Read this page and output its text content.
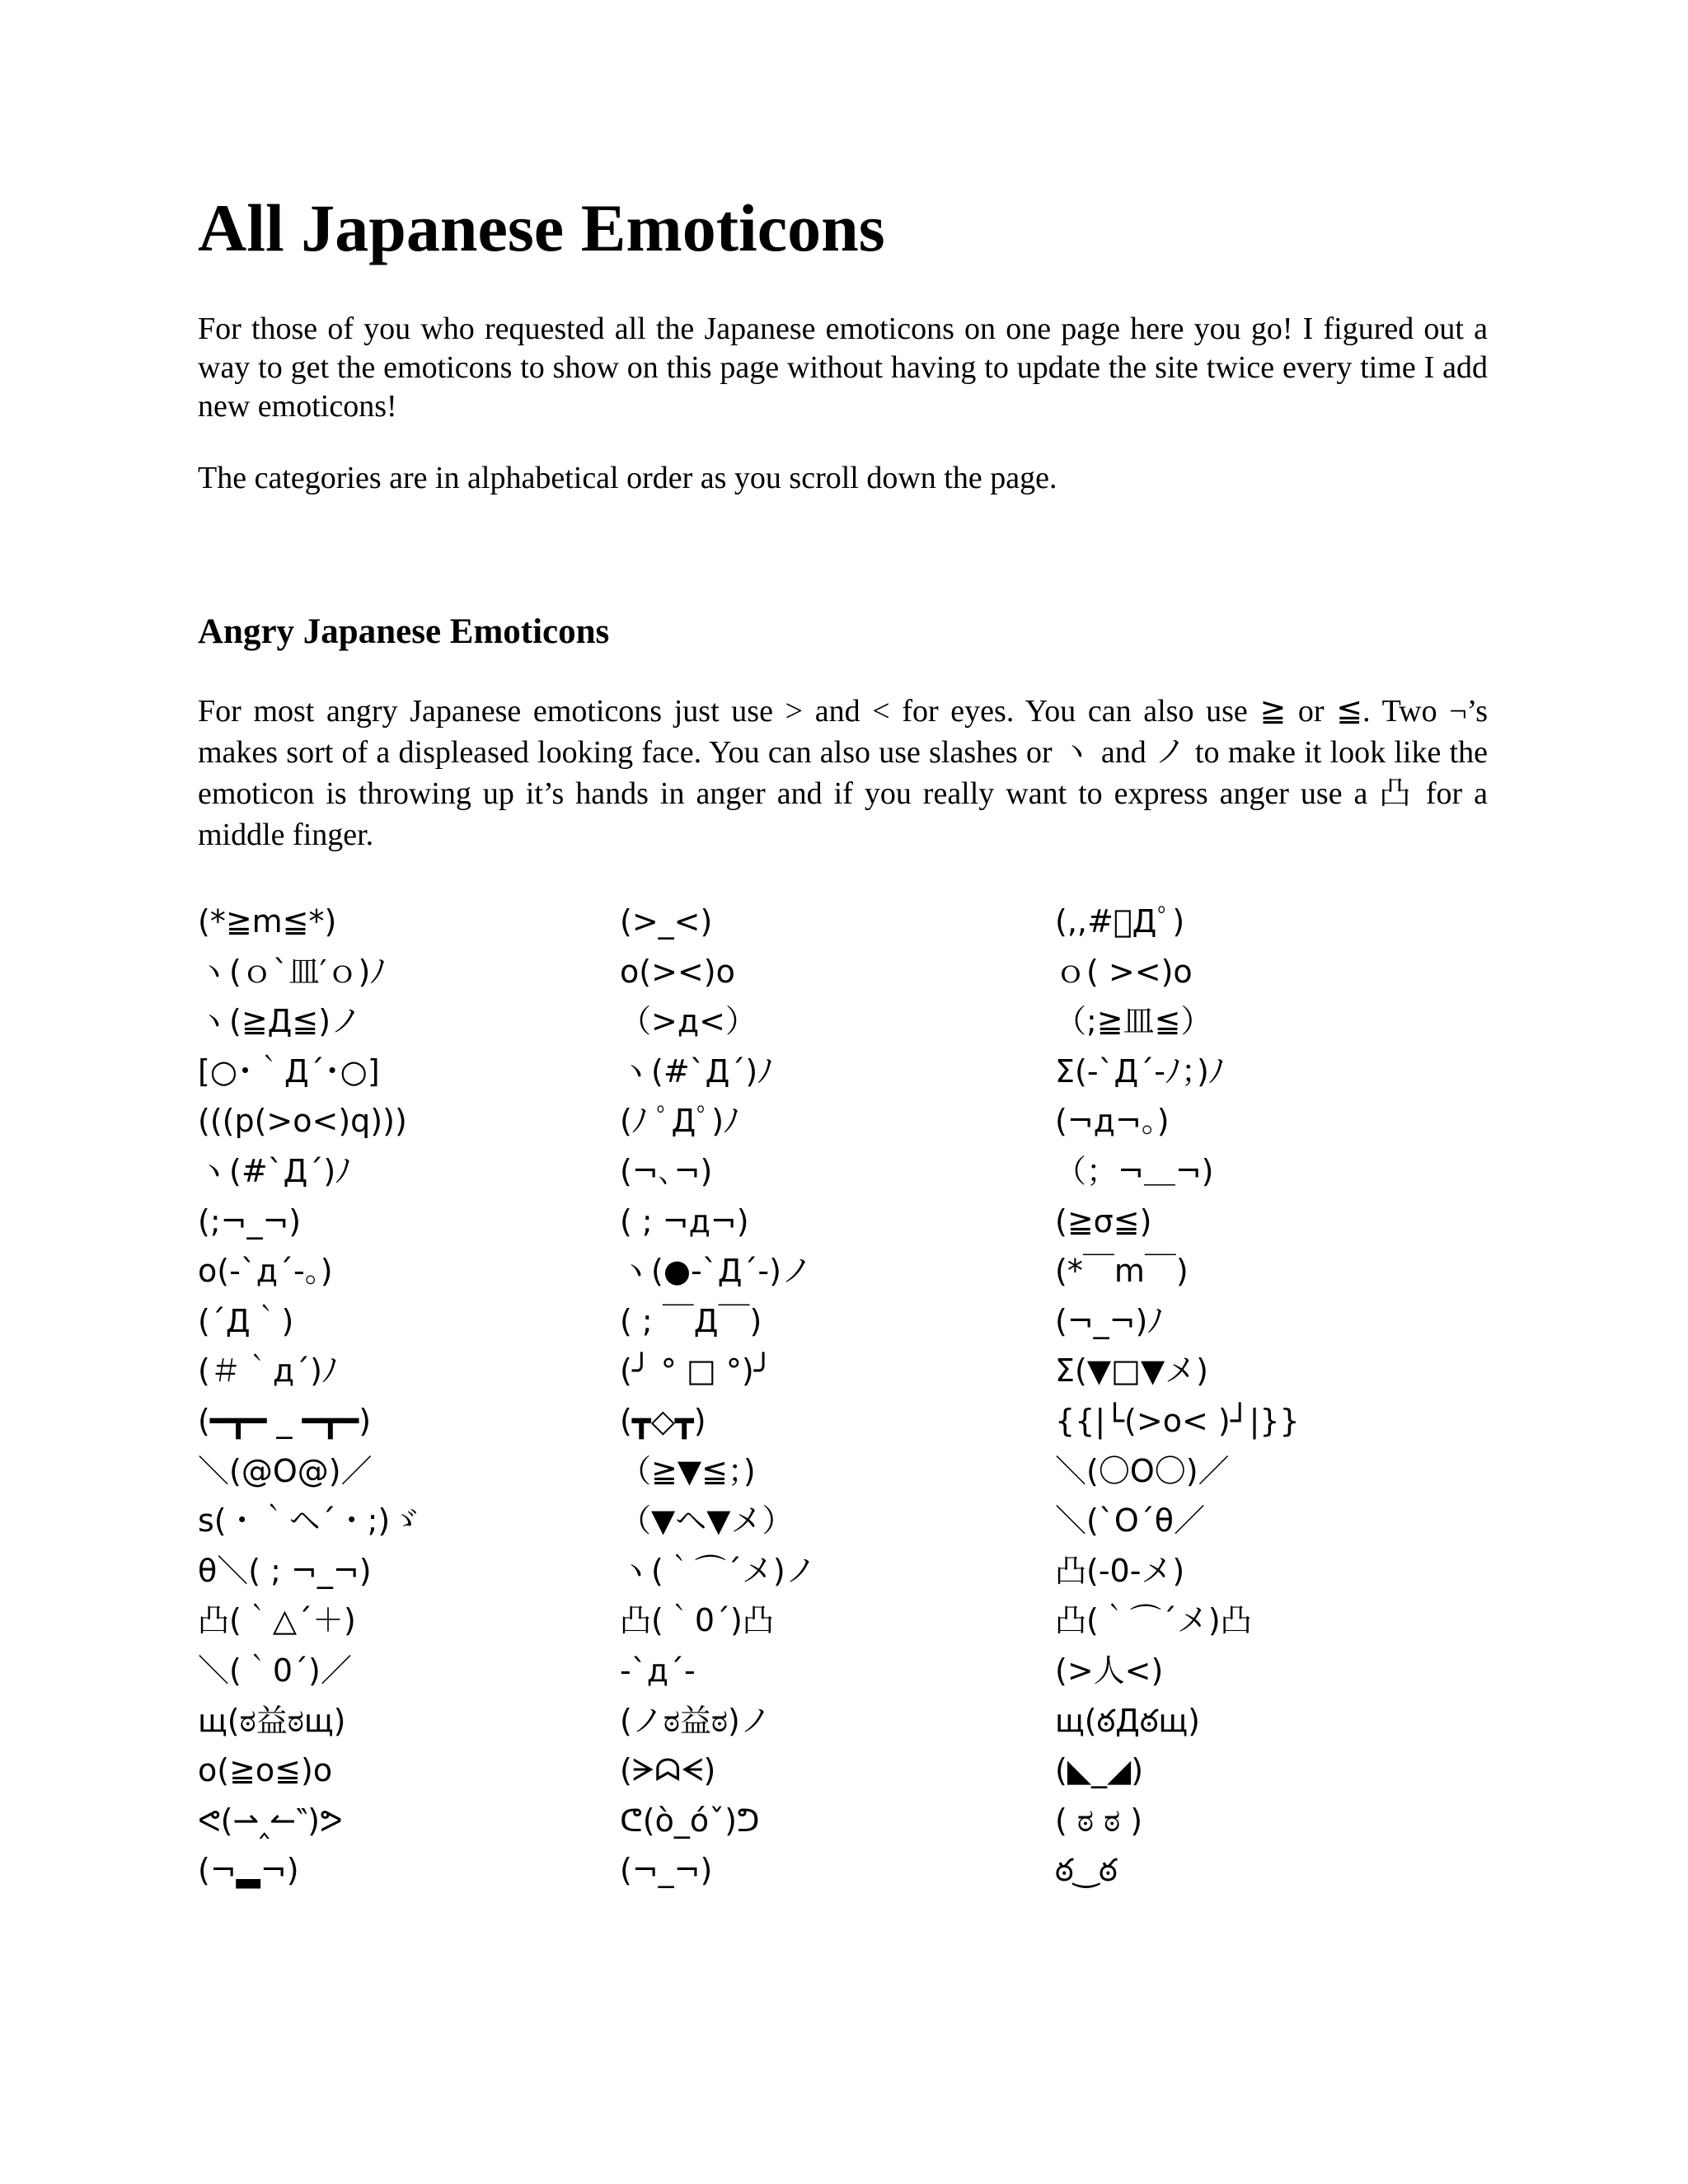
All Japanese Emoticons

For those of you who requested all the Japanese emoticons on one page here you go! I figured out a way to get the emoticons to show on this page without having to update the site twice every time I add new emoticons!

The categories are in alphabetical order as you scroll down the page.

Angry Japanese Emoticons

For most angry Japanese emoticons just use > and < for eyes. You can also use ≧ or ≦. Two ¬’s makes sort of a displeased looking face. You can also use slashes or ヽ and ノ to make it look like the emoticon is throwing up it’s hands in anger and if you really want to express anger use a 凸 for a middle finger.

(*≧m≦*)
ヽ(ｏ`皿′ｏ)ﾉ
ヽ(≧Д≦)ノ
[○･｀Д´･○]
(((p(>o<)q)))
ヽ(#`Д´)ﾉ
(;¬_¬)
o(-`д´-｡)
(´Д｀)
(＃｀д´)ﾉ
(━┳━ _ ━┳━)
＼(@O@)／
s(・｀ヘ´・;)ゞ
θ＼( ; ¬_¬)
凸(｀△´＋)
＼(｀0´)／
щ(ಠ益ಠщ)
o(≧o≦)o
ᕙ(⇀‸↼‶)ᕗ
(¬▂¬)
(>_<)
o(><)o
（>д<）
ヽ(#`Д´)ﾉ
(ﾉ ﾟДﾟ)ﾉ
(¬､¬)
( ; ¬д¬)
ヽ(●-`Д´-)ノ
( ; ￣Д￣)
(╯ ° □ °)╯
(┳◇┳)
（≧▼≦；)
（▼ヘ▼メ）
ヽ(｀⌒´メ)ノ
凸(｀0´)凸
-`д´-
(ノಠ益ಠ)ノ
(ᗒᗣᗕ)
ᕦ(ò_óˇ)ᕤ
(¬_¬)
(,,#ﾟДﾟ)
ｏ( ><)o
（;≧皿≦）
Σ(-`Д´-ﾉ；)ﾉ
(¬д¬。)
（；¬＿¬)
(≧σ≦)
(*￣m￣)
(¬_¬)ﾉ
Σ(▼□▼メ)
{{|└(>o< )┘|}}
＼(〇O〇)／
＼(`O´θ／
凸(-0-メ)
凸(｀⌒´メ)凸
(>人<)
щ(ఠДఠщ)
(◣_◢)
( ಠ ಠ )
ఠ‿ఠ
